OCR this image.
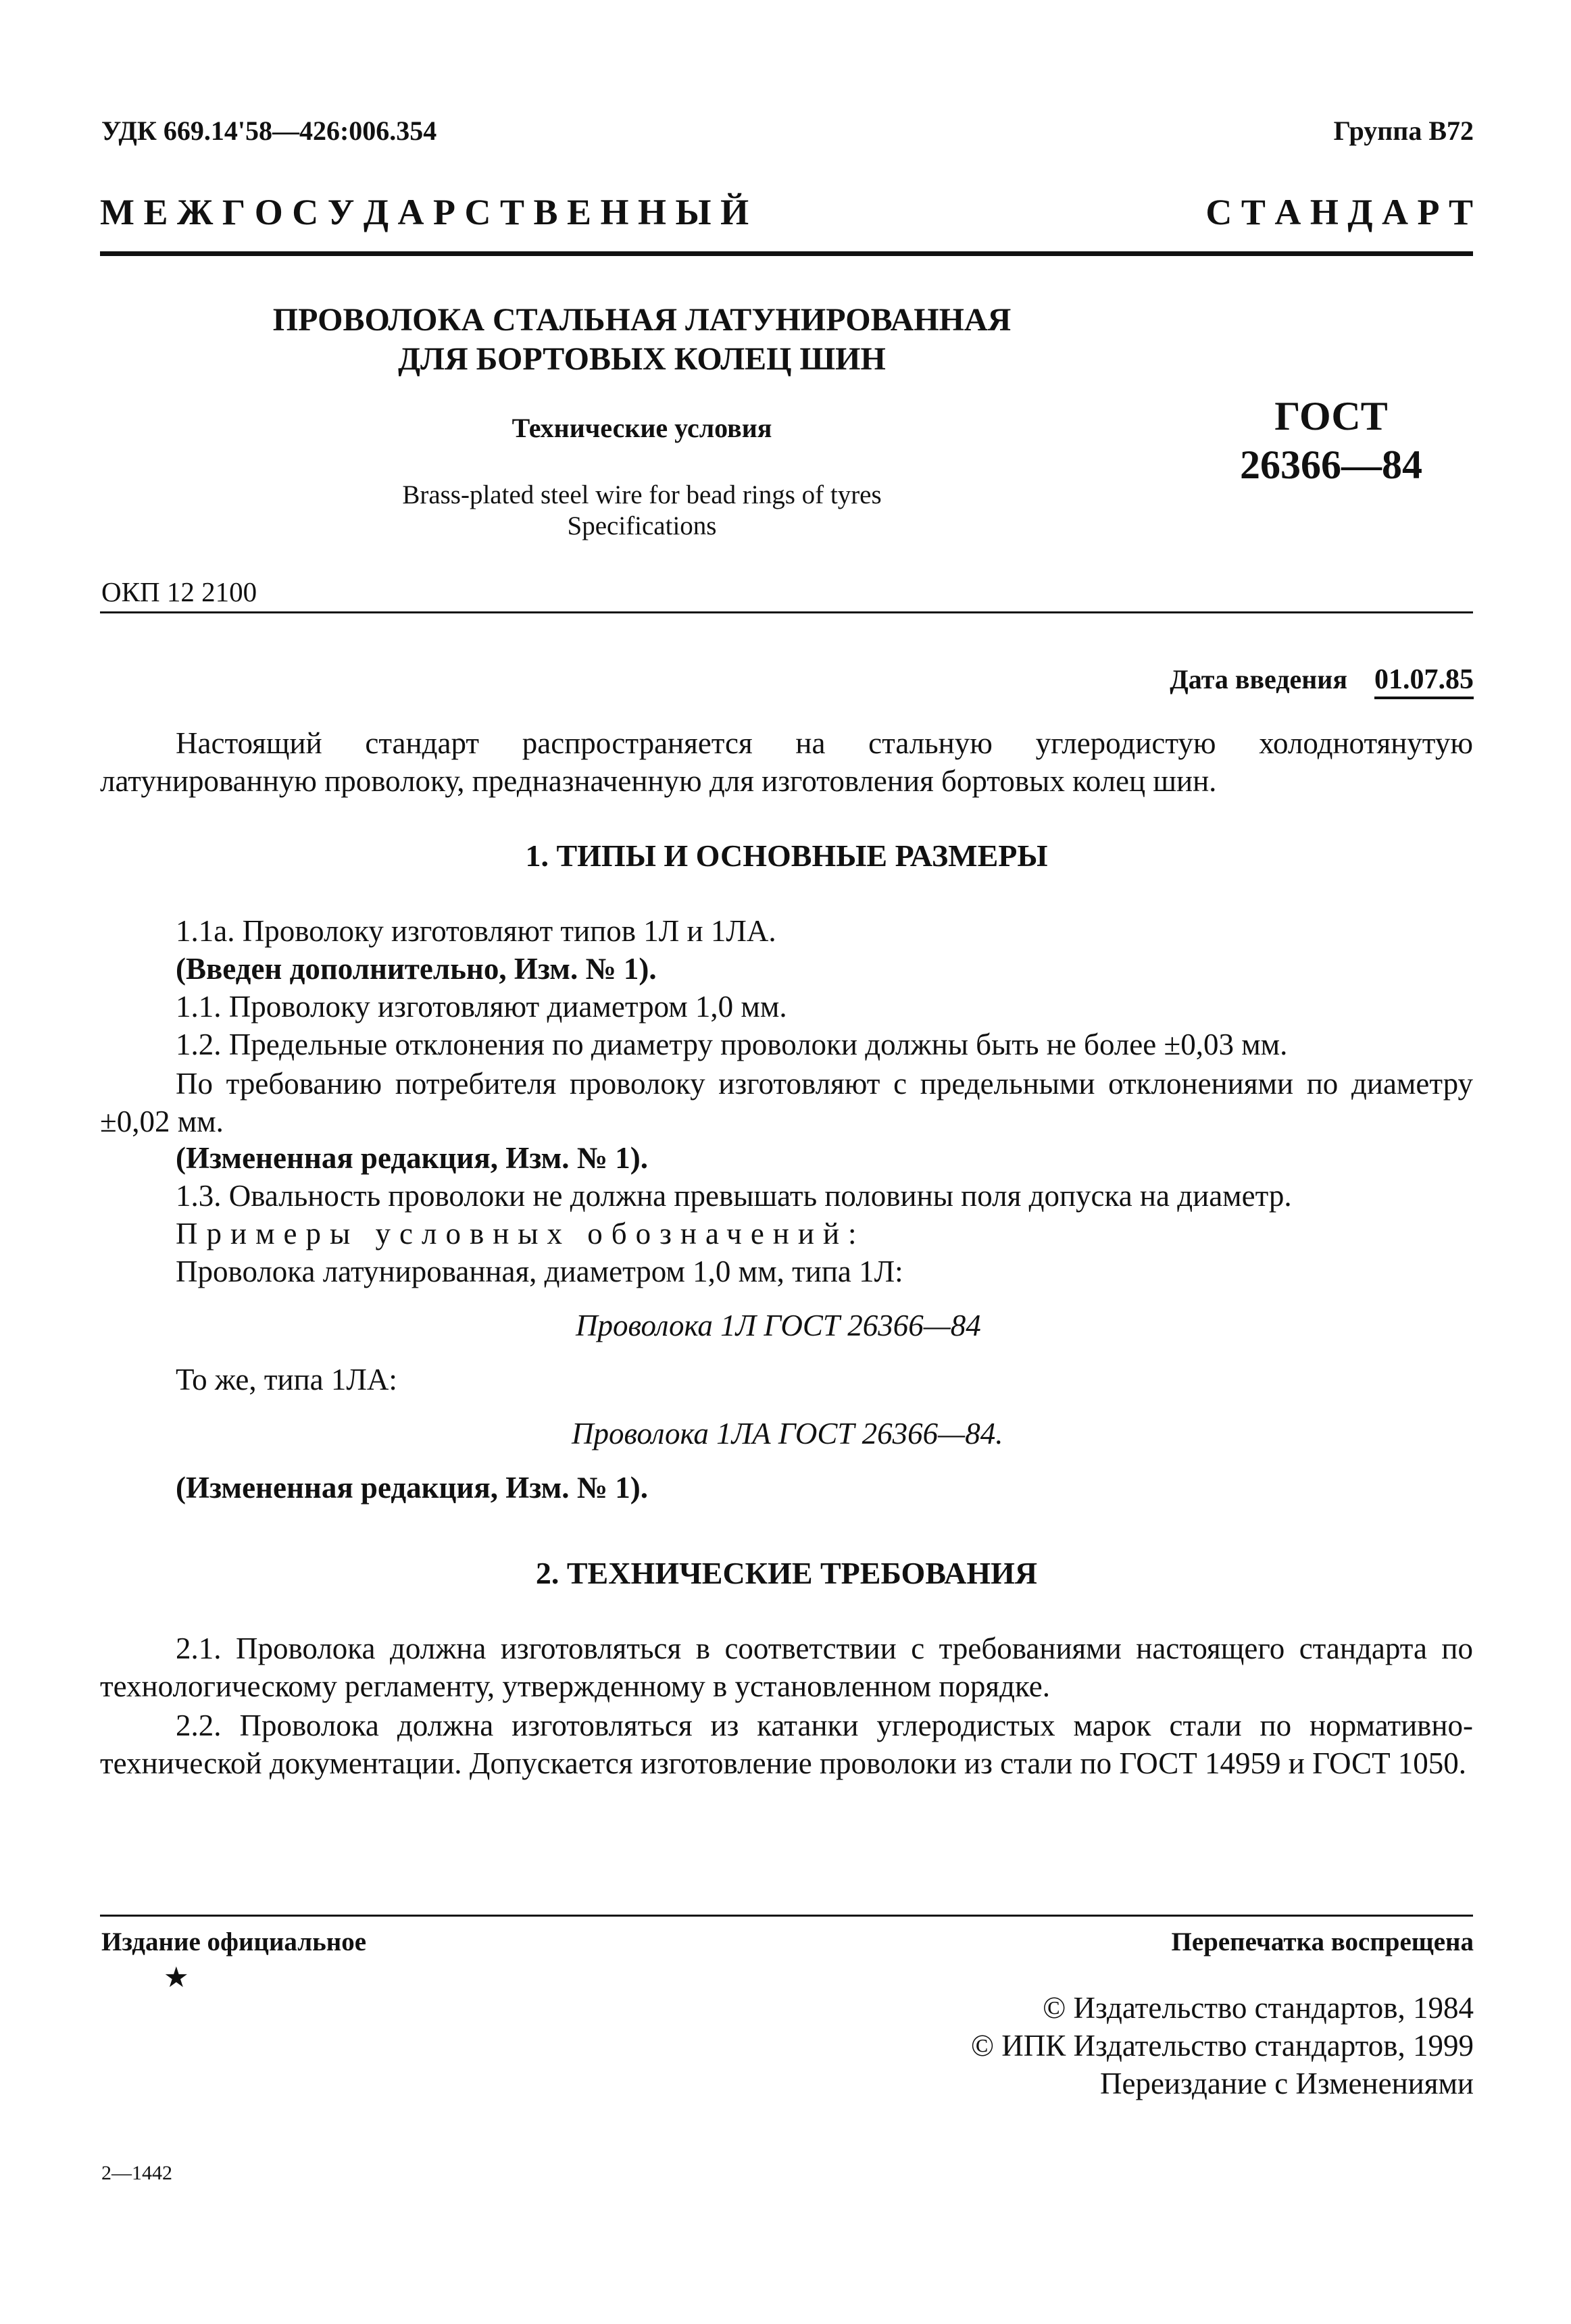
УДК 669.14'58—426:006.354	Группа В72
М Е Ж Г О С У Д А Р С Т В Е Н Н Ы Й	С Т А Н Д А Р Т
ПРОВОЛОКА СТАЛЬНАЯ ЛАТУНИРОВАННАЯ
ДЛЯ БОРТОВЫХ КОЛЕЦ ШИН
Технические условия
Brass-plated steel wire for bead rings of tyres
Specifications
ГОСТ
26366—84
ОКП 12 2100
Дата введения 01.07.85
Настоящий стандарт распространяется на стальную углеродистую холоднотянутую латунированную проволоку, предназначенную для изготовления бортовых колец шин.
1. ТИПЫ И ОСНОВНЫЕ РАЗМЕРЫ
1.1а. Проволоку изготовляют типов 1Л и 1ЛА.
(Введен дополнительно, Изм. № 1).
1.1. Проволоку изготовляют диаметром 1,0 мм.
1.2. Предельные отклонения по диаметру проволоки должны быть не более ±0,03 мм.
По требованию потребителя проволоку изготовляют с предельными отклонениями по диаметру ±0,02 мм.
(Измененная редакция, Изм. № 1).
1.3. Овальность проволоки не должна превышать половины поля допуска на диаметр.
Примеры условных обозначений:
Проволока латунированная, диаметром 1,0 мм, типа 1Л:
Проволока 1Л ГОСТ 26366—84
То же, типа 1ЛА:
Проволока 1ЛА ГОСТ 26366—84.
(Измененная редакция, Изм. № 1).
2. ТЕХНИЧЕСКИЕ ТРЕБОВАНИЯ
2.1. Проволока должна изготовляться в соответствии с требованиями настоящего стандарта по технологическому регламенту, утвержденному в установленном порядке.
2.2. Проволока должна изготовляться из катанки углеродистых марок стали по нормативно-технической документации. Допускается изготовление проволоки из стали по ГОСТ 14959 и ГОСТ 1050.
Издание официальное	Перепечатка воспрещена
★
© Издательство стандартов, 1984
© ИПК Издательство стандартов, 1999
Переиздание с Изменениями
2—1442
